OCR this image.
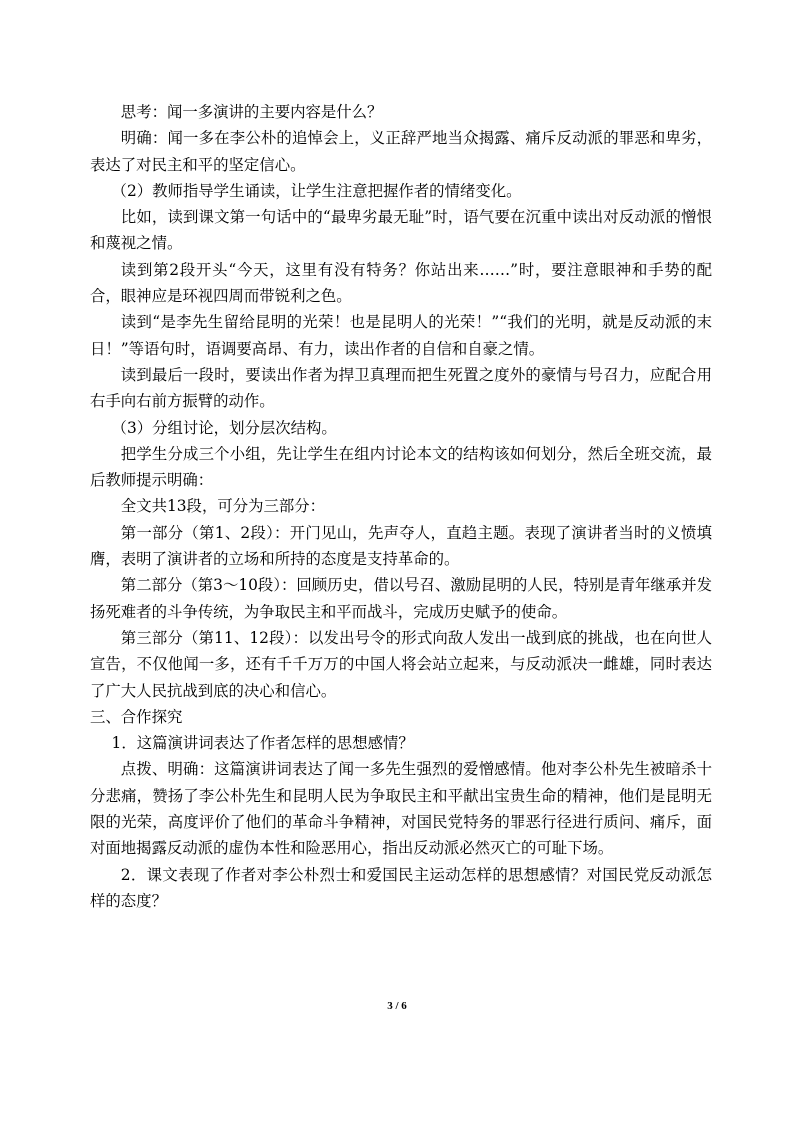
思考：闻一多演讲的主要内容是什么？

明确：闻一多在李公朴的追悼会上，义正辞严地当众揭露、痛斥反动派的罪恶和卑劣，表达了对民主和平的坚定信心。

（2）教师指导学生诵读，让学生注意把握作者的情绪变化。

比如，读到课文第一句话中的“最卑劣最无耻”时，语气要在沉重中读出对反动派的憎恨和蔑视之情。

读到第2段开头“今天，这里有没有特务？你站出来……”时，要注意眼神和手势的配合，眼神应是环视四周而带锐利之色。

读到“是李先生留给昆明的光荣！也是昆明人的光荣！”“我们的光明，就是反动派的末日！”等语句时，语调要高昂、有力，读出作者的自信和自豪之情。

读到最后一段时，要读出作者为捍卫真理而把生死置之度外的豪情与号召力，应配合用右手向右前方振臂的动作。

（3）分组讨论，划分层次结构。

把学生分成三个小组，先让学生在组内讨论本文的结构该如何划分，然后全班交流，最后教师提示明确：

全文共13段，可分为三部分：

第一部分（第1、2段）：开门见山，先声夺人，直趋主题。表现了演讲者当时的义愤填膺，表明了演讲者的立场和所持的态度是支持革命的。

第二部分（第3～10段）：回顾历史，借以号召、激励昆明的人民，特别是青年继承并发扬死难者的斗争传统，为争取民主和平而战斗，完成历史赋予的使命。

第三部分（第11、12段）：以发出号令的形式向敌人发出一战到底的挑战，也在向世人宣告，不仅他闻一多，还有千千万万的中国人将会站立起来，与反动派决一雌雄，同时表达了广大人民抗战到底的决心和信心。

三、合作探究

1．这篇演讲词表达了作者怎样的思想感情？

点拨、明确：这篇演讲词表达了闻一多先生强烈的爱憎感情。他对李公朴先生被暗杀十分悲痛，赞扬了李公朴先生和昆明人民为争取民主和平献出宝贵生命的精神，他们是昆明无限的光荣，高度评价了他们的革命斗争精神，对国民党特务的罪恶行径进行质问、痛斥，面对面地揭露反动派的虚伪本性和险恶用心，指出反动派必然灭亡的可耻下场。

2．课文表现了作者对李公朴烈士和爱国民主运动怎样的思想感情？对国民党反动派怎样的态度？

3 / 6
